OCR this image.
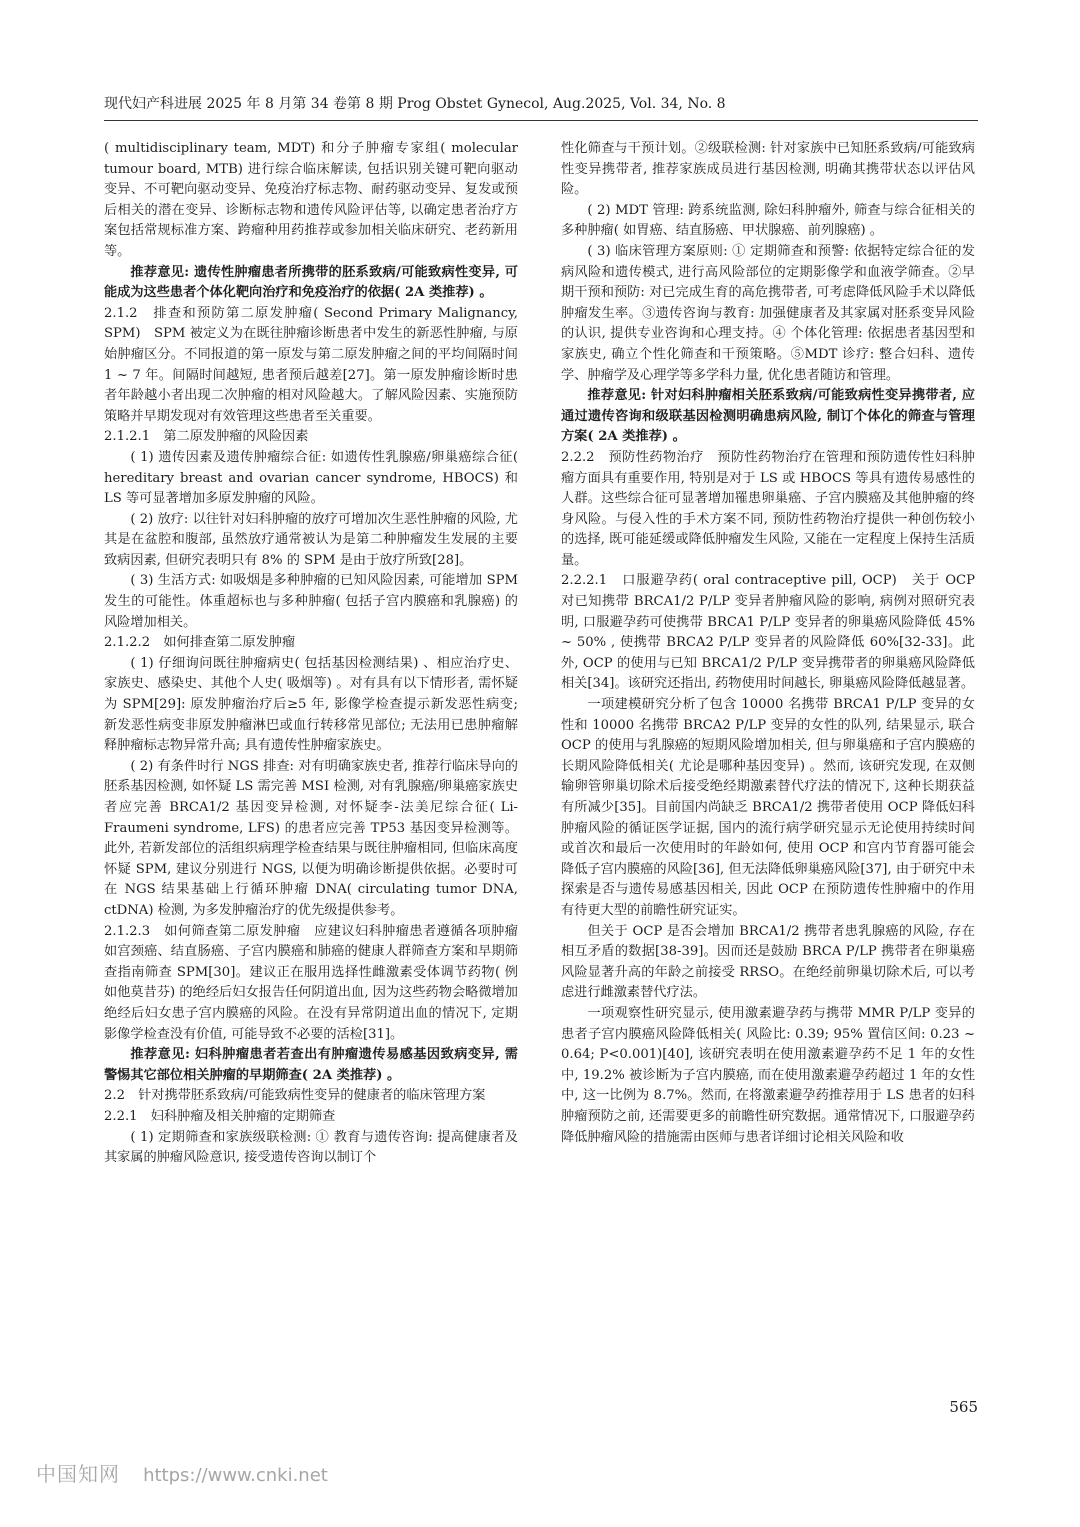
现代妇产科进展 2025 年 8 月第 34 卷第 8 期 Prog Obstet Gynecol, Aug.2025, Vol. 34, No. 8

( multidisciplinary team, MDT) 和分子肿瘤专家组( molecular tumour board, MTB) 进行综合临床解读, 包括识别关键可靶向驱动变异、不可靶向驱动变异、免疫治疗标志物、耐药驱动变异、复发或预后相关的潜在变异、诊断标志物和遗传风险评估等, 以确定患者治疗方案包括常规标准方案、跨瘤种用药推荐或参加相关临床研究、老药新用等。

推荐意见: 遗传性肿瘤患者所携带的胚系致病/可能致病性变异, 可能成为这些患者个体化靶向治疗和免疫治疗的依据( 2A 类推荐) 。

2.1.2　排查和预防第二原发肿瘤( Second Primary Malignancy, SPM)　SPM 被定义为在既往肿瘤诊断患者中发生的新恶性肿瘤, 与原始肿瘤区分。不同报道的第一原发与第二原发肿瘤之间的平均间隔时间 1 ~ 7 年。间隔时间越短, 患者预后越差[27]。第一原发肿瘤诊断时患者年龄越小者出现二次肿瘤的相对风险越大。了解风险因素、实施预防策略并早期发现对有效管理这些患者至关重要。

2.1.2.1　第二原发肿瘤的风险因素

( 1) 遗传因素及遗传肿瘤综合征: 如遗传性乳腺癌/卵巢癌综合征( hereditary breast and ovarian cancer syndrome, HBOCS) 和 LS 等可显著增加多原发肿瘤的风险。

( 2) 放疗: 以往针对妇科肿瘤的放疗可增加次生恶性肿瘤的风险, 尤其是在盆腔和腹部, 虽然放疗通常被认为是第二种肿瘤发生发展的主要致病因素, 但研究表明只有 8% 的 SPM 是由于放疗所致[28]。

( 3) 生活方式: 如吸烟是多种肿瘤的已知风险因素, 可能增加 SPM 发生的可能性。体重超标也与多种肿瘤( 包括子宫内膜癌和乳腺癌) 的风险增加相关。

2.1.2.2　如何排查第二原发肿瘤

( 1) 仔细询问既往肿瘤病史( 包括基因检测结果) 、相应治疗史、家族史、感染史、其他个人史( 吸烟等) 。对有具有以下情形者, 需怀疑为 SPM[29]: 原发肿瘤治疗后≥5 年, 影像学检查提示新发恶性病变; 新发恶性病变非原发肿瘤淋巴或血行转移常见部位; 无法用已患肿瘤解释肿瘤标志物异常升高; 具有遗传性肿瘤家族史。

( 2) 有条件时行 NGS 排查: 对有明确家族史者, 推荐行临床导向的胚系基因检测, 如怀疑 LS 需完善 MSI 检测, 对有乳腺癌/卵巢癌家族史者应完善 BRCA1/2 基因变异检测, 对怀疑李-法美尼综合征( Li-Fraumeni syndrome, LFS) 的患者应完善 TP53 基因变异检测等。此外, 若新发部位的活组织病理学检查结果与既往肿瘤相同, 但临床高度怀疑 SPM, 建议分别进行 NGS, 以便为明确诊断提供依据。必要时可在 NGS 结果基础上行循环肿瘤 DNA( circulating tumor DNA, ctDNA) 检测, 为多发肿瘤治疗的优先级提供参考。

2.1.2.3　如何筛查第二原发肿瘤　应建议妇科肿瘤患者遵循各项肿瘤如宫颈癌、结直肠癌、子宫内膜癌和肺癌的健康人群筛查方案和早期筛查指南筛查 SPM[30]。建议正在服用选择性雌激素受体调节药物( 例如他莫昔芬) 的绝经后妇女报告任何阴道出血, 因为这些药物会略微增加绝经后妇女患子宫内膜癌的风险。在没有异常阴道出血的情况下, 定期影像学检查没有价值, 可能导致不必要的活检[31]。

推荐意见: 妇科肿瘤患者若查出有肿瘤遗传易感基因致病变异, 需警惕其它部位相关肿瘤的早期筛查( 2A 类推荐) 。

2.2　针对携带胚系致病/可能致病性变异的健康者的临床管理方案

2.2.1　妇科肿瘤及相关肿瘤的定期筛查

( 1) 定期筛查和家族级联检测: ① 教育与遗传咨询: 提高健康者及其家属的肿瘤风险意识, 接受遗传咨询以制订个

性化筛查与干预计划。②级联检测: 针对家族中已知胚系致病/可能致病性变异携带者, 推荐家族成员进行基因检测, 明确其携带状态以评估风险。

( 2) MDT 管理: 跨系统监测, 除妇科肿瘤外, 筛查与综合征相关的多种肿瘤( 如胃癌、结直肠癌、甲状腺癌、前列腺癌) 。

( 3) 临床管理方案原则: ① 定期筛查和预警: 依据特定综合征的发病风险和遗传模式, 进行高风险部位的定期影像学和血液学筛查。②早期干预和预防: 对已完成生育的高危携带者, 可考虑降低风险手术以降低肿瘤发生率。③遗传咨询与教育: 加强健康者及其家属对胚系变异风险的认识, 提供专业咨询和心理支持。④ 个体化管理: 依据患者基因型和家族史, 确立个性化筛查和干预策略。⑤MDT 诊疗: 整合妇科、遗传学、肿瘤学及心理学等多学科力量, 优化患者随访和管理。

推荐意见: 针对妇科肿瘤相关胚系致病/可能致病性变异携带者, 应通过遗传咨询和级联基因检测明确患病风险, 制订个体化的筛查与管理方案( 2A 类推荐) 。

2.2.2　预防性药物治疗　预防性药物治疗在管理和预防遗传性妇科肿瘤方面具有重要作用, 特别是对于 LS 或 HBOCS 等具有遗传易感性的人群。这些综合征可显著增加罹患卵巢癌、子宫内膜癌及其他肿瘤的终身风险。与侵入性的手术方案不同, 预防性药物治疗提供一种创伤较小的选择, 既可能延缓或降低肿瘤发生风险, 又能在一定程度上保持生活质量。

2.2.2.1　口服避孕药( oral contraceptive pill, OCP)　关于 OCP 对已知携带 BRCA1/2 P/LP 变异者肿瘤风险的影响, 病例对照研究表明, 口服避孕药可使携带 BRCA1 P/LP 变异者的卵巢癌风险降低 45% ~ 50% , 使携带 BRCA2 P/LP 变异者的风险降低 60%[32-33]。此外, OCP 的使用与已知 BRCA1/2 P/LP 变异携带者的卵巢癌风险降低相关[34]。该研究还指出, 药物使用时间越长, 卵巢癌风险降低越显著。

一项建模研究分析了包含 10000 名携带 BRCA1 P/LP 变异的女性和 10000 名携带 BRCA2 P/LP 变异的女性的队列, 结果显示, 联合 OCP 的使用与乳腺癌的短期风险增加相关, 但与卵巢癌和子宫内膜癌的长期风险降低相关( 尤论是哪种基因变异) 。然而, 该研究发现, 在双侧输卵管卵巢切除术后接受绝经期激素替代疗法的情况下, 这种长期获益有所减少[35]。目前国内尚缺乏 BRCA1/2 携带者使用 OCP 降低妇科肿瘤风险的循证医学证据, 国内的流行病学研究显示无论使用持续时间或首次和最后一次使用时的年龄如何, 使用 OCP 和宫内节育器可能会降低子宫内膜癌的风险[36], 但无法降低卵巢癌风险[37], 由于研究中未探索是否与遗传易感基因相关, 因此 OCP 在预防遗传性肿瘤中的作用有待更大型的前瞻性研究证实。

但关于 OCP 是否会增加 BRCA1/2 携带者患乳腺癌的风险, 存在相互矛盾的数据[38-39]。因而还是鼓励 BRCA P/LP 携带者在卵巢癌风险显著升高的年龄之前接受 RRSO。在绝经前卵巢切除术后, 可以考虑进行雌激素替代疗法。

一项观察性研究显示, 使用激素避孕药与携带 MMR P/LP 变异的患者子宫内膜癌风险降低相关( 风险比: 0.39; 95% 置信区间: 0.23 ~ 0.64; P<0.001)[40], 该研究表明在使用激素避孕药不足 1 年的女性中, 19.2% 被诊断为子宫内膜癌, 而在使用激素避孕药超过 1 年的女性中, 这一比例为 8.7%。然而, 在将激素避孕药推荐用于 LS 患者的妇科肿瘤预防之前, 还需要更多的前瞻性研究数据。通常情况下, 口服避孕药降低肿瘤风险的措施需由医师与患者详细讨论相关风险和收

565
中国知网 https://www.cnki.net
